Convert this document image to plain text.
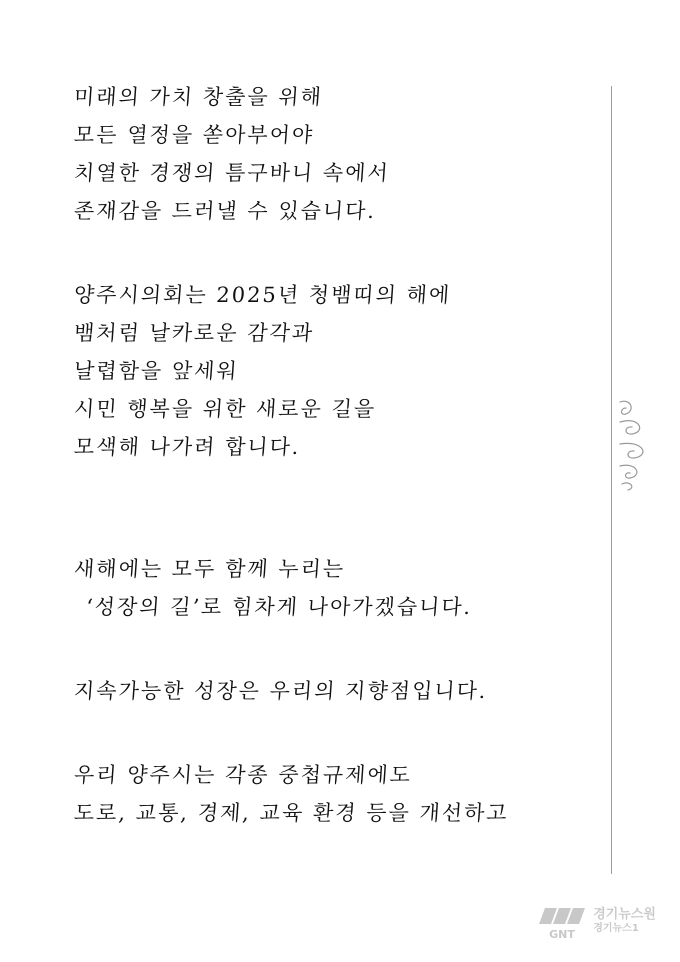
미래의 가치 창출을 위해
모든 열정을 쏟아부어야
치열한 경쟁의 틈구바니 속에서
존재감을 드러낼 수 있습니다.
양주시의회는 2025년 청뱀띠의 해에
뱀처럼 날카로운 감각과
날렵함을 앞세워
시민 행복을 위한 새로운 길을
모색해 나가려 합니다.
새해에는 모두 함께 누리는
‘성장의 길’로 힘차게 나아가겠습니다.
지속가능한 성장은 우리의 지향점입니다.
우리 양주시는 각종 중첩규제에도
도로, 교통, 경제, 교육 환경 등을 개선하고
GNT
경기뉴스원
경기뉴스1
